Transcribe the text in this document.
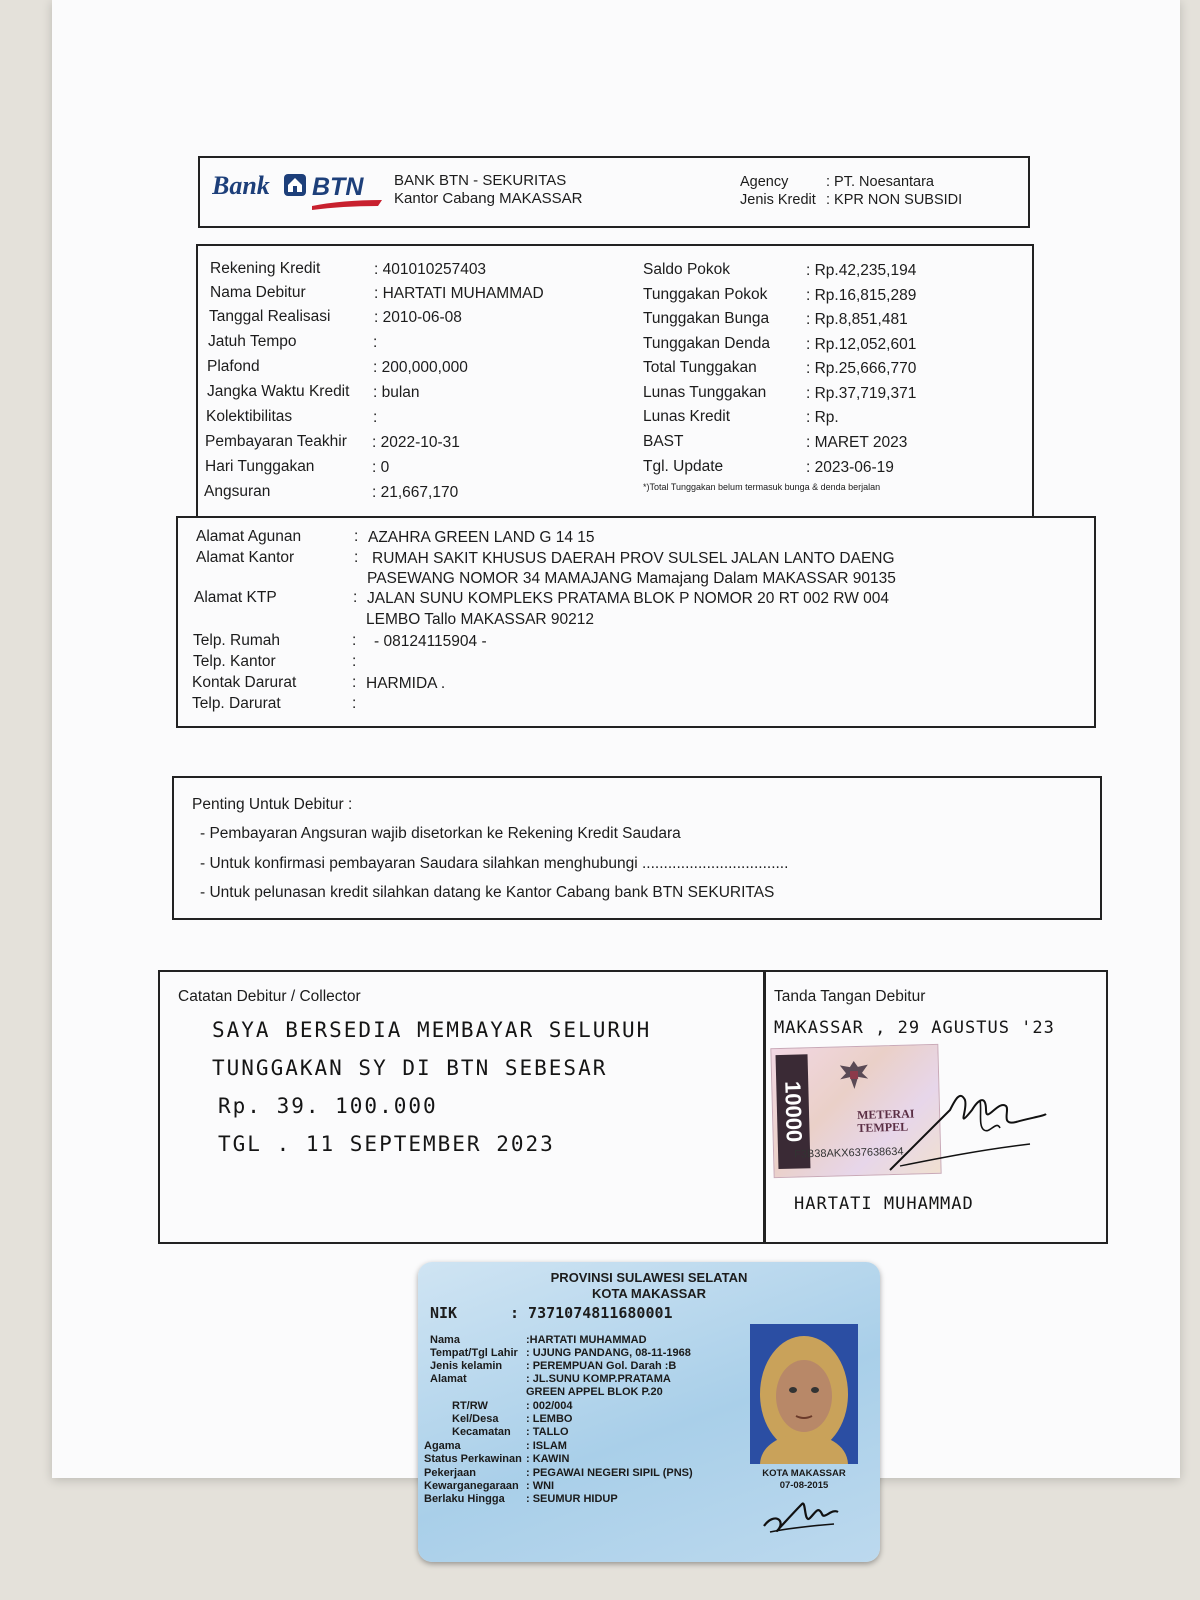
Bank BTN BANK BTN - SEKURITAS
Kantor Cabang MAKASSAR
Agency	: PT. Noesantara
Jenis Kredit : KPR NON SUBSIDI
Rekening Kredit	: 401010257403
Nama Debitur	: HARTATI MUHAMMAD
Tanggal Realisasi	: 2010-06-08
Jatuh Tempo	:
Plafond	: 200,000,000
Jangka Waktu Kredit : bulan
Kolektibilitas	:
Pembayaran Teakhir : 2022-10-31
Hari Tunggakan	: 0
Angsuran	: 21,667,170
Saldo Pokok	: Rp.42,235,194
Tunggakan Pokok : Rp.16,815,289
Tunggakan Bunga : Rp.8,851,481
Tunggakan Denda : Rp.12,052,601
Total Tunggakan	: Rp.25,666,770
Lunas Tunggakan	: Rp.37,719,371
Lunas Kredit	: Rp.
BAST	: MARET 2023
Tgl. Update	: 2023-06-19
*)Total Tunggakan belum termasuk bunga & denda berjalan
Alamat Agunan	: AZAHRA GREEN LAND G 14 15
Alamat Kantor	: RUMAH SAKIT KHUSUS DAERAH PROV SULSEL JALAN LANTO DAENG
PASEWANG NOMOR 34 MAMAJANG Mamajang Dalam MAKASSAR 90135
Alamat KTP	: JALAN SUNU KOMPLEKS PRATAMA BLOK P NOMOR 20 RT 002 RW 004
LEMBO Tallo MAKASSAR 90212
Telp. Rumah	: - 08124115904 -
Telp. Kantor	:
Kontak Darurat	: HARMIDA .
Telp. Darurat	:
Penting Untuk Debitur :
- Pembayaran Angsuran wajib disetorkan ke Rekening Kredit Saudara
- Untuk konfirmasi pembayaran Saudara silahkan menghubungi ..................................
- Untuk pelunasan kredit silahkan datang ke Kantor Cabang bank BTN SEKURITAS
Catatan Debitur / Collector
SAYA BERSEDIA MEMBAYAR SELURUH
TUNGGAKAN SY DI BTN SEBESAR
Rp. 39. 100.000
TGL . 11 SEPTEMBER 2023
Tanda Tangan Debitur
MAKASSAR , 29 AGUSTUS '23
10000	METERAI TEMPEL
F3B38AKX637638634
HARTATI MUHAMMAD
PROVINSI SULAWESI SELATAN
KOTA MAKASSAR
NIK	: 7371074811680001
Nama	:HARTATI MUHAMMAD
Tempat/Tgl Lahir : UJUNG PANDANG, 08-11-1968
Jenis kelamin : PEREMPUAN Gol. Darah :B
Alamat	: JL.SUNU KOMP.PRATAMA
GREEN APPEL BLOK P.20
RT/RW	: 002/004
Kel/Desa	: LEMBO
Kecamatan : TALLO
Agama	: ISLAM
Status Perkawinan : KAWIN
Pekerjaan	: PEGAWAI NEGERI SIPIL (PNS)
Kewarganegaraan : WNI
Berlaku Hingga : SEUMUR HIDUP
KOTA MAKASSAR
07-08-2015
